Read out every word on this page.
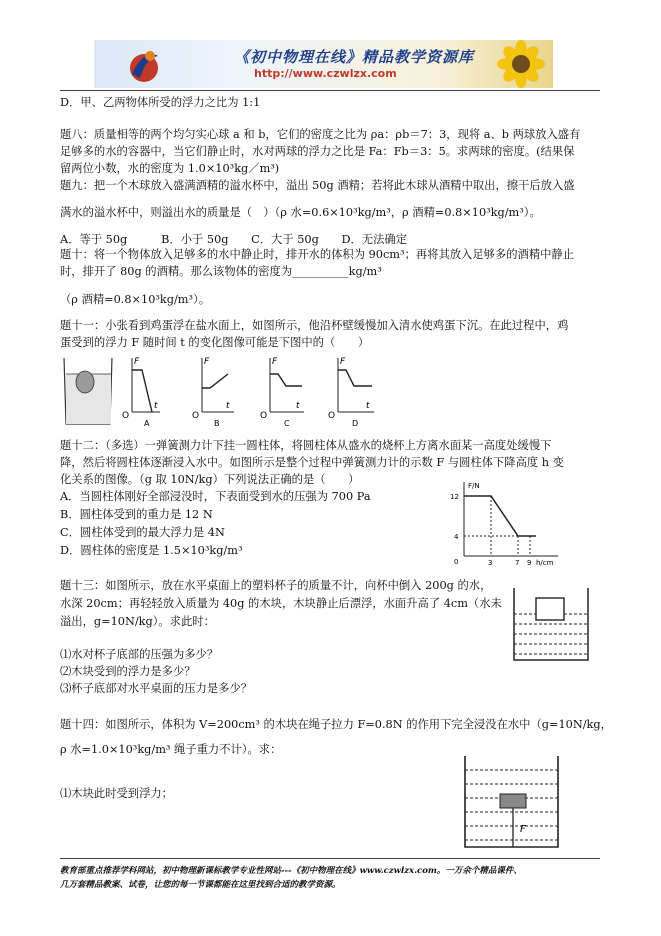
《初中物理在线》精品教学资源库
http://www.czwlzx.com
D．甲、乙两物体所受的浮力之比为 1:1
题八：质量相等的两个均匀实心球 a 和 b，它们的密度之比为 ρa：ρb＝7：3，现将 a、b 两球放入盛有
足够多的水的容器中，当它们静止时，水对两球的浮力之比是 Fa：Fb＝3：5。求两球的密度。(结果保
留两位小数，水的密度为 1.0×10³kg／m³)
题九：把一个木球放入盛满酒精的溢水杯中，溢出 50g 酒精；若将此木球从酒精中取出，擦干后放入盛
满水的溢水杯中，则溢出水的质量是（　）（ρ 水=0.6×10³kg/m³，ρ 酒精=0.8×10³kg/m³）。
A．等于 50g　　　B．小于 50g　　C．大于 50g　　D．无法确定
题十：将一个物体放入足够多的水中静止时，排开水的体积为 90cm³；再将其放入足够多的酒精中静止
时，排开了 80g 的酒精。那么该物体的密度为__________kg/m³
（ρ 酒精=0.8×10³kg/m³）。
题十一：小张看到鸡蛋浮在盐水面上，如图所示，他沿杯壁缓慢加入清水使鸡蛋下沉。在此过程中，鸡
蛋受到的浮力 F 随时间 t 的变化图像可能是下图中的（　　）
F
t
O
A
F
t
O
B
F
t
O
C
F
t
O
D
题十二：（多选）一弹簧测力计下挂一圆柱体，将圆柱体从盛水的烧杯上方离水面某一高度处缓慢下
降，然后将圆柱体逐渐浸入水中。如图所示是整个过程中弹簧测力计的示数 F 与圆柱体下降高度 h 变
化关系的图像。（g 取 10N/kg）下列说法正确的是（　　）
A．当圆柱体刚好全部浸没时，下表面受到水的压强为 700 Pa
B．圆柱体受到的重力是 12 N
C．圆柱体受到的最大浮力是 4N
D．圆柱体的密度是 1.5×10³kg/m³
F/N
h/cm
0
12
4
3	7 9
题十三：如图所示，放在水平桌面上的塑料杯子的质量不计，向杯中倒入 200g 的水，
水深 20cm；再轻轻放入质量为 40g 的木块，木块静止后漂浮，水面升高了 4cm（水未
溢出，g=10N/kg）。求此时：
⑴水对杯子底部的压强为多少？
⑵木块受到的浮力是多少？
⑶杯子底部对水平桌面的压力是多少？
题十四：如图所示，体积为 V=200cm³ 的木块在绳子拉力 F=0.8N 的作用下完全浸没在水中（g=10N/kg，
ρ 水=1.0×10³kg/m³ 绳子重力不计）。求：
⑴木块此时受到浮力；
F
教育部重点推荐学科网站，初中物理新课标教学专业性网站---《初中物理在线》www.czwlzx.com。一万余个精品课件、
几万套精品教案、试卷，让您的每一节课都能在这里找到合适的教学资源。
